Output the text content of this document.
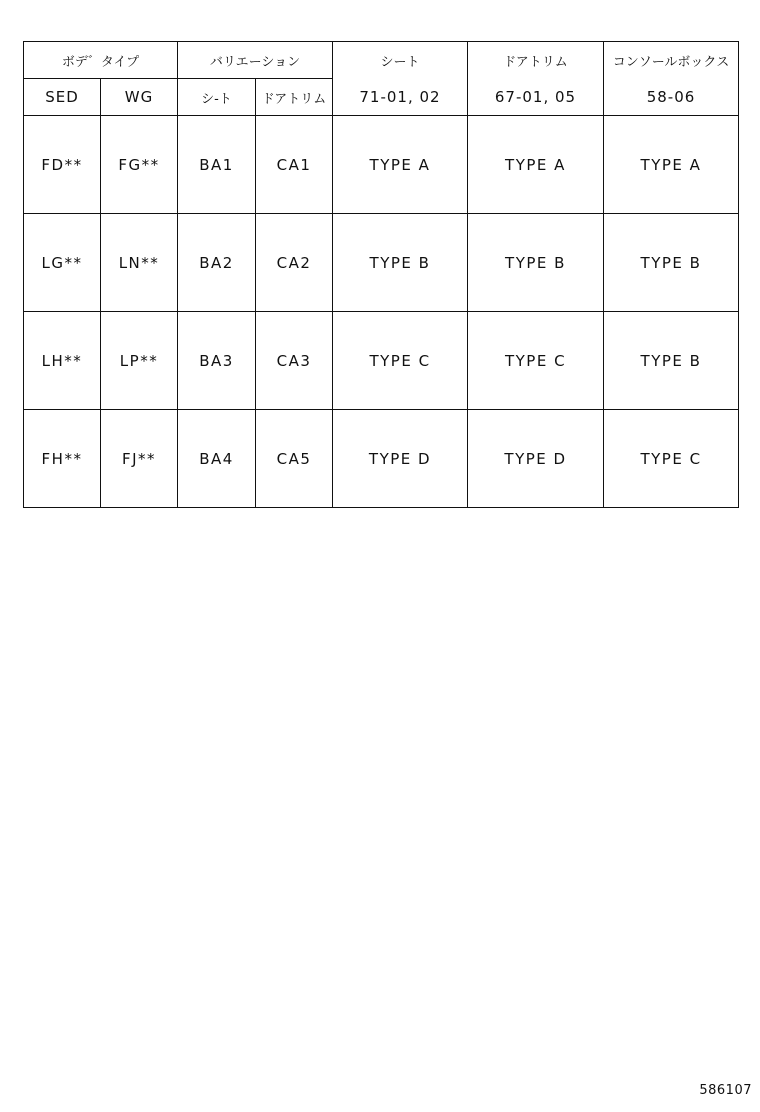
ボデ゛タイプ		バリエーション		シート	ドアトリム	コンソールボックス
SED	WG	シ-ト	ドアトリム	71-01, 02	67-01, 05	58-06
FD**	FG**	BA1	CA1	TYPE A	TYPE A	TYPE A
LG**	LN**	BA2	CA2	TYPE B	TYPE B	TYPE B
LH**	LP**	BA3	CA3	TYPE C	TYPE C	TYPE B
FH**	FJ**	BA4	CA5	TYPE D	TYPE D	TYPE C
586107
